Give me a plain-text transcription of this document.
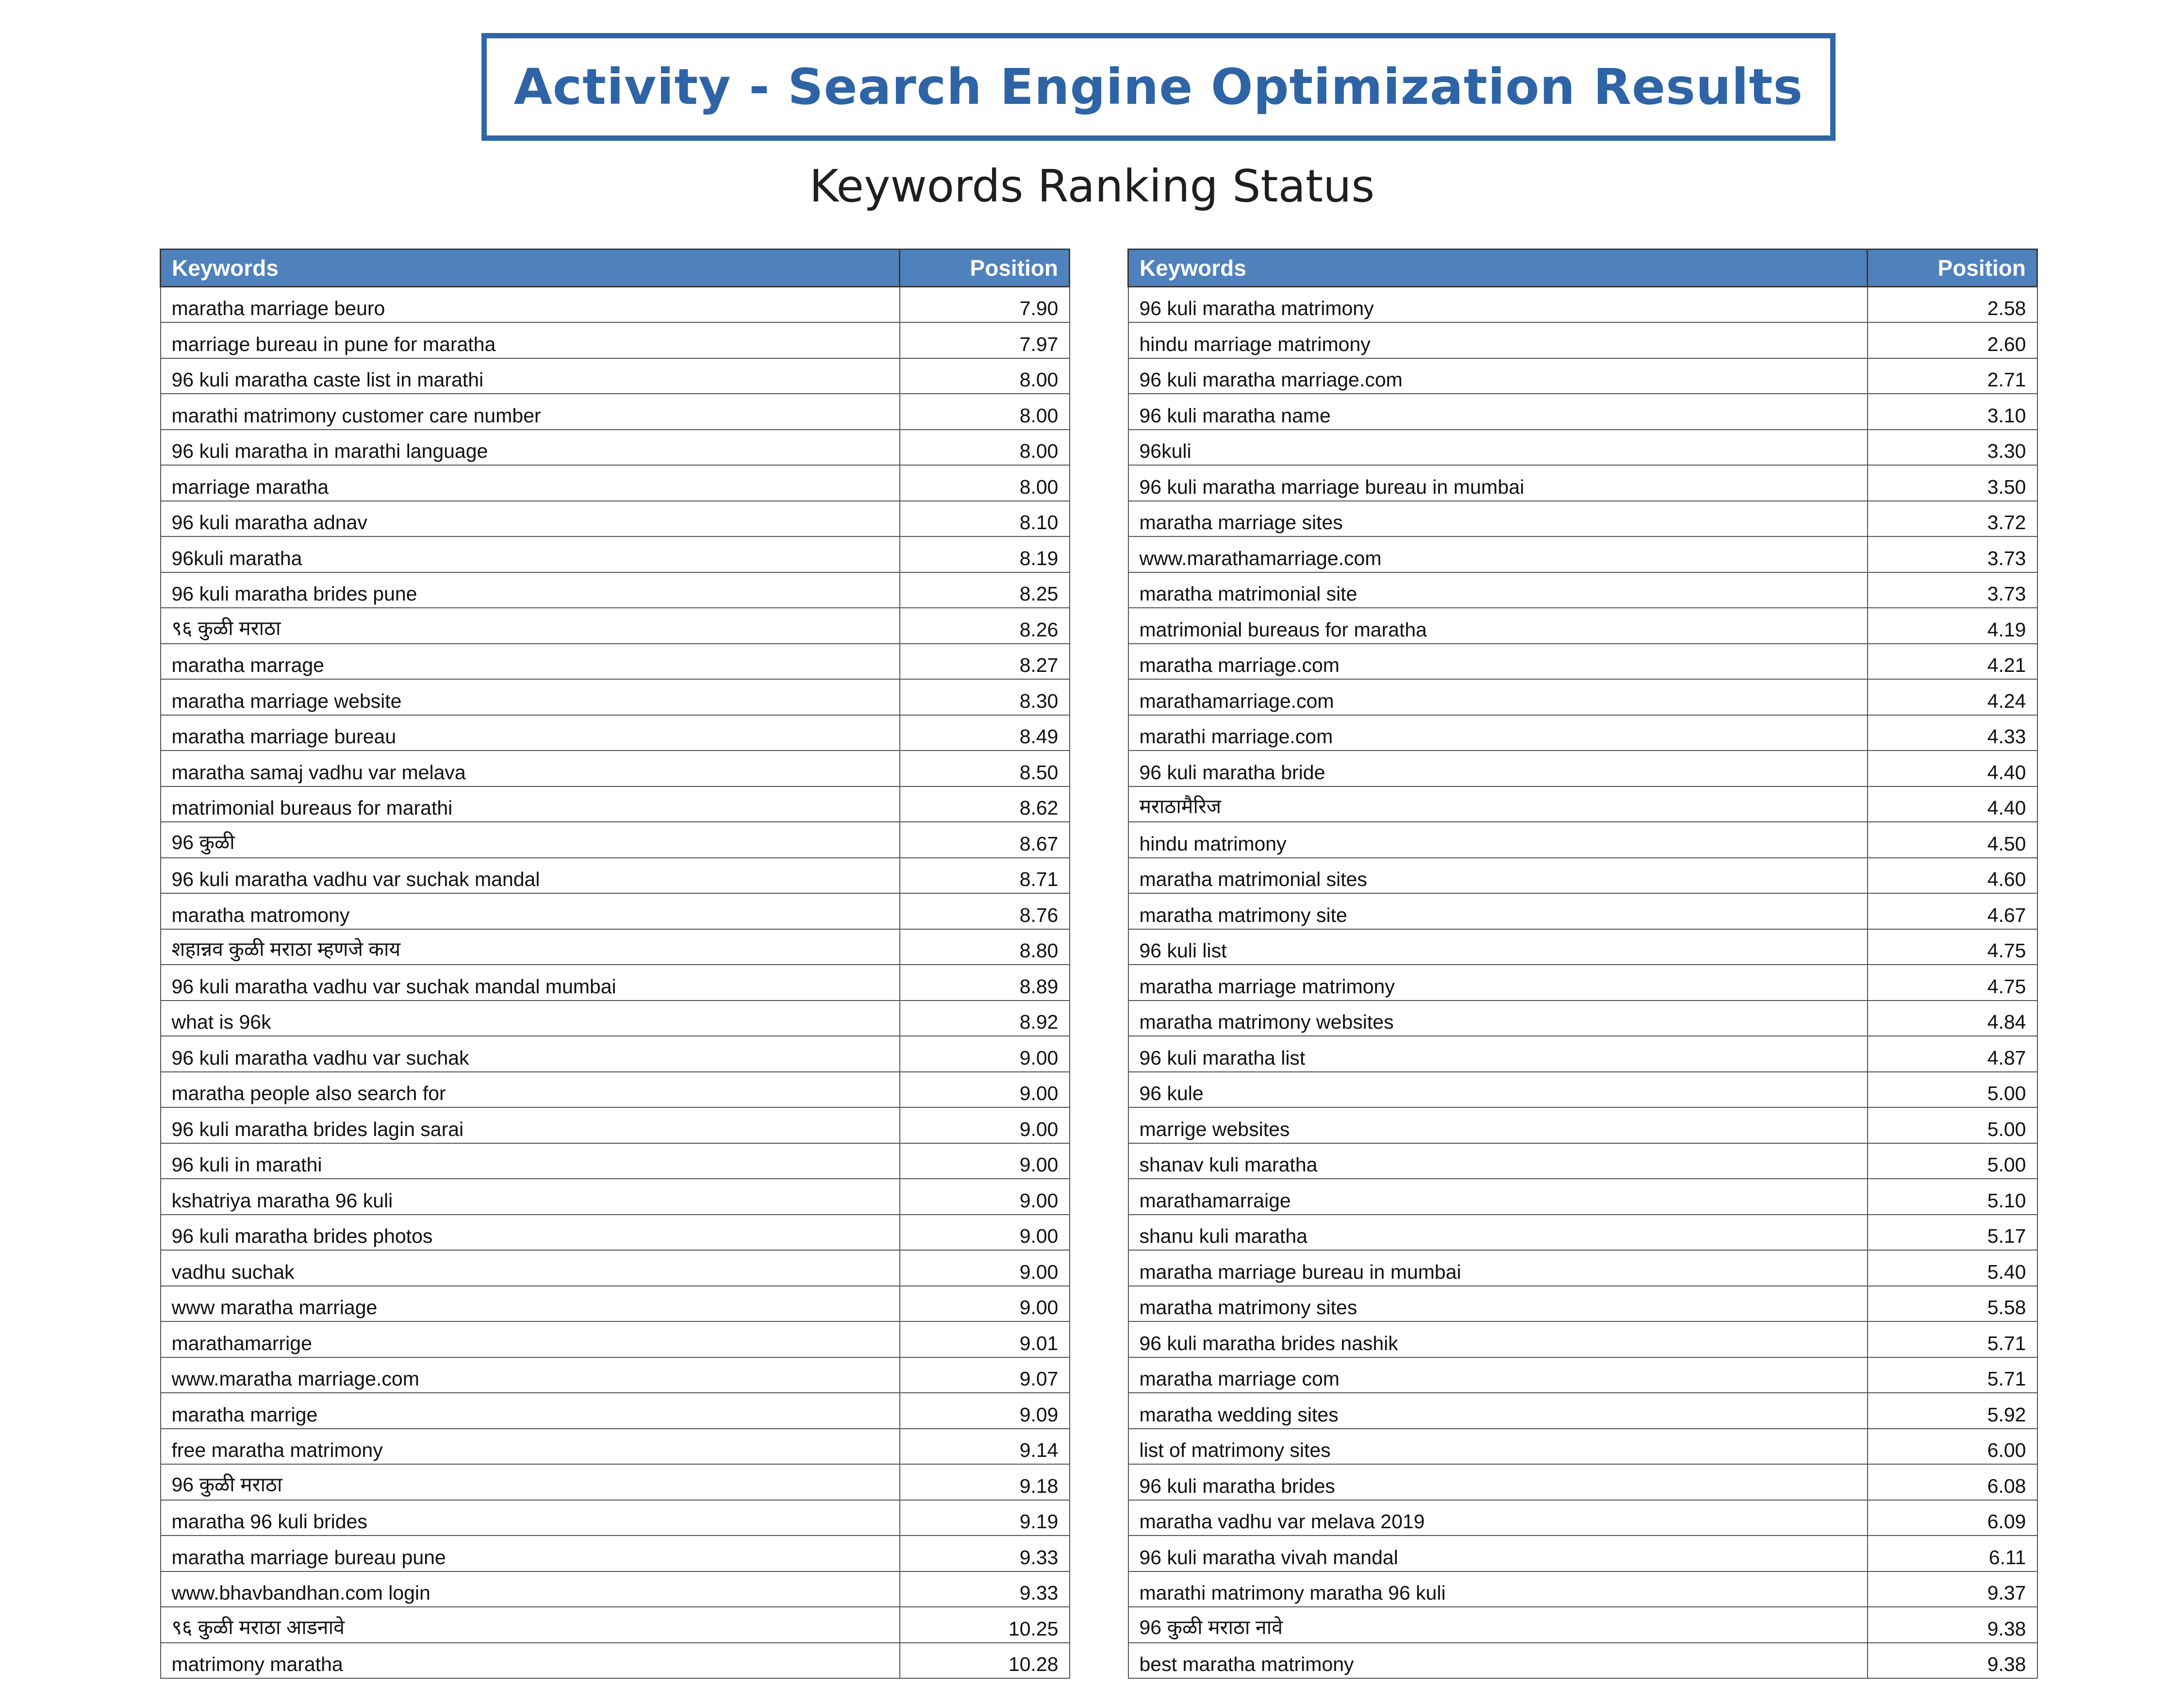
Activity - Search Engine Optimization Results
Keywords Ranking Status
Keywords	Position
maratha marriage beuro	7.90
marriage bureau in pune for maratha	7.97
96 kuli maratha caste list in marathi	8.00
marathi matrimony customer care number	8.00
96 kuli maratha in marathi language	8.00
marriage maratha	8.00
96 kuli maratha adnav	8.10
96kuli maratha	8.19
96 kuli maratha brides pune	8.25
९६ कुळी मराठा	8.26
maratha marrage	8.27
maratha marriage website	8.30
maratha marriage bureau	8.49
maratha samaj vadhu var melava	8.50
matrimonial bureaus for marathi	8.62
96 कुळी	8.67
96 kuli maratha vadhu var suchak mandal	8.71
maratha matromony	8.76
शहान्नव कुळी मराठा म्हणजे काय	8.80
96 kuli maratha vadhu var suchak mandal mumbai	8.89
what is 96k	8.92
96 kuli maratha vadhu var suchak	9.00
maratha people also search for	9.00
96 kuli maratha brides lagin sarai	9.00
96 kuli in marathi	9.00
kshatriya maratha 96 kuli	9.00
96 kuli maratha brides photos	9.00
vadhu suchak	9.00
www maratha marriage	9.00
marathamarrige	9.01
www.maratha marriage.com	9.07
maratha marrige	9.09
free maratha matrimony	9.14
96 कुळी मराठा	9.18
maratha 96 kuli brides	9.19
maratha marriage bureau pune	9.33
www.bhavbandhan.com login	9.33
९६ कुळी मराठा आडनावे	10.25
matrimony maratha	10.28
Keywords	Position
96 kuli maratha matrimony	2.58
hindu marriage matrimony	2.60
96 kuli maratha marriage.com	2.71
96 kuli maratha name	3.10
96kuli	3.30
96 kuli maratha marriage bureau in mumbai	3.50
maratha marriage sites	3.72
www.marathamarriage.com	3.73
maratha matrimonial site	3.73
matrimonial bureaus for maratha	4.19
maratha marriage.com	4.21
marathamarriage.com	4.24
marathi marriage.com	4.33
96 kuli maratha bride	4.40
मराठामैरिज	4.40
hindu matrimony	4.50
maratha matrimonial sites	4.60
maratha matrimony site	4.67
96 kuli list	4.75
maratha marriage matrimony	4.75
maratha matrimony websites	4.84
96 kuli maratha list	4.87
96 kule	5.00
marrige websites	5.00
shanav kuli maratha	5.00
marathamarraige	5.10
shanu kuli maratha	5.17
maratha marriage bureau in mumbai	5.40
maratha matrimony sites	5.58
96 kuli maratha brides nashik	5.71
maratha marriage com	5.71
maratha wedding sites	5.92
list of matrimony sites	6.00
96 kuli maratha brides	6.08
maratha vadhu var melava 2019	6.09
96 kuli maratha vivah mandal	6.11
marathi matrimony maratha 96 kuli	9.37
96 कुळी मराठा नावे	9.38
best maratha matrimony	9.38
